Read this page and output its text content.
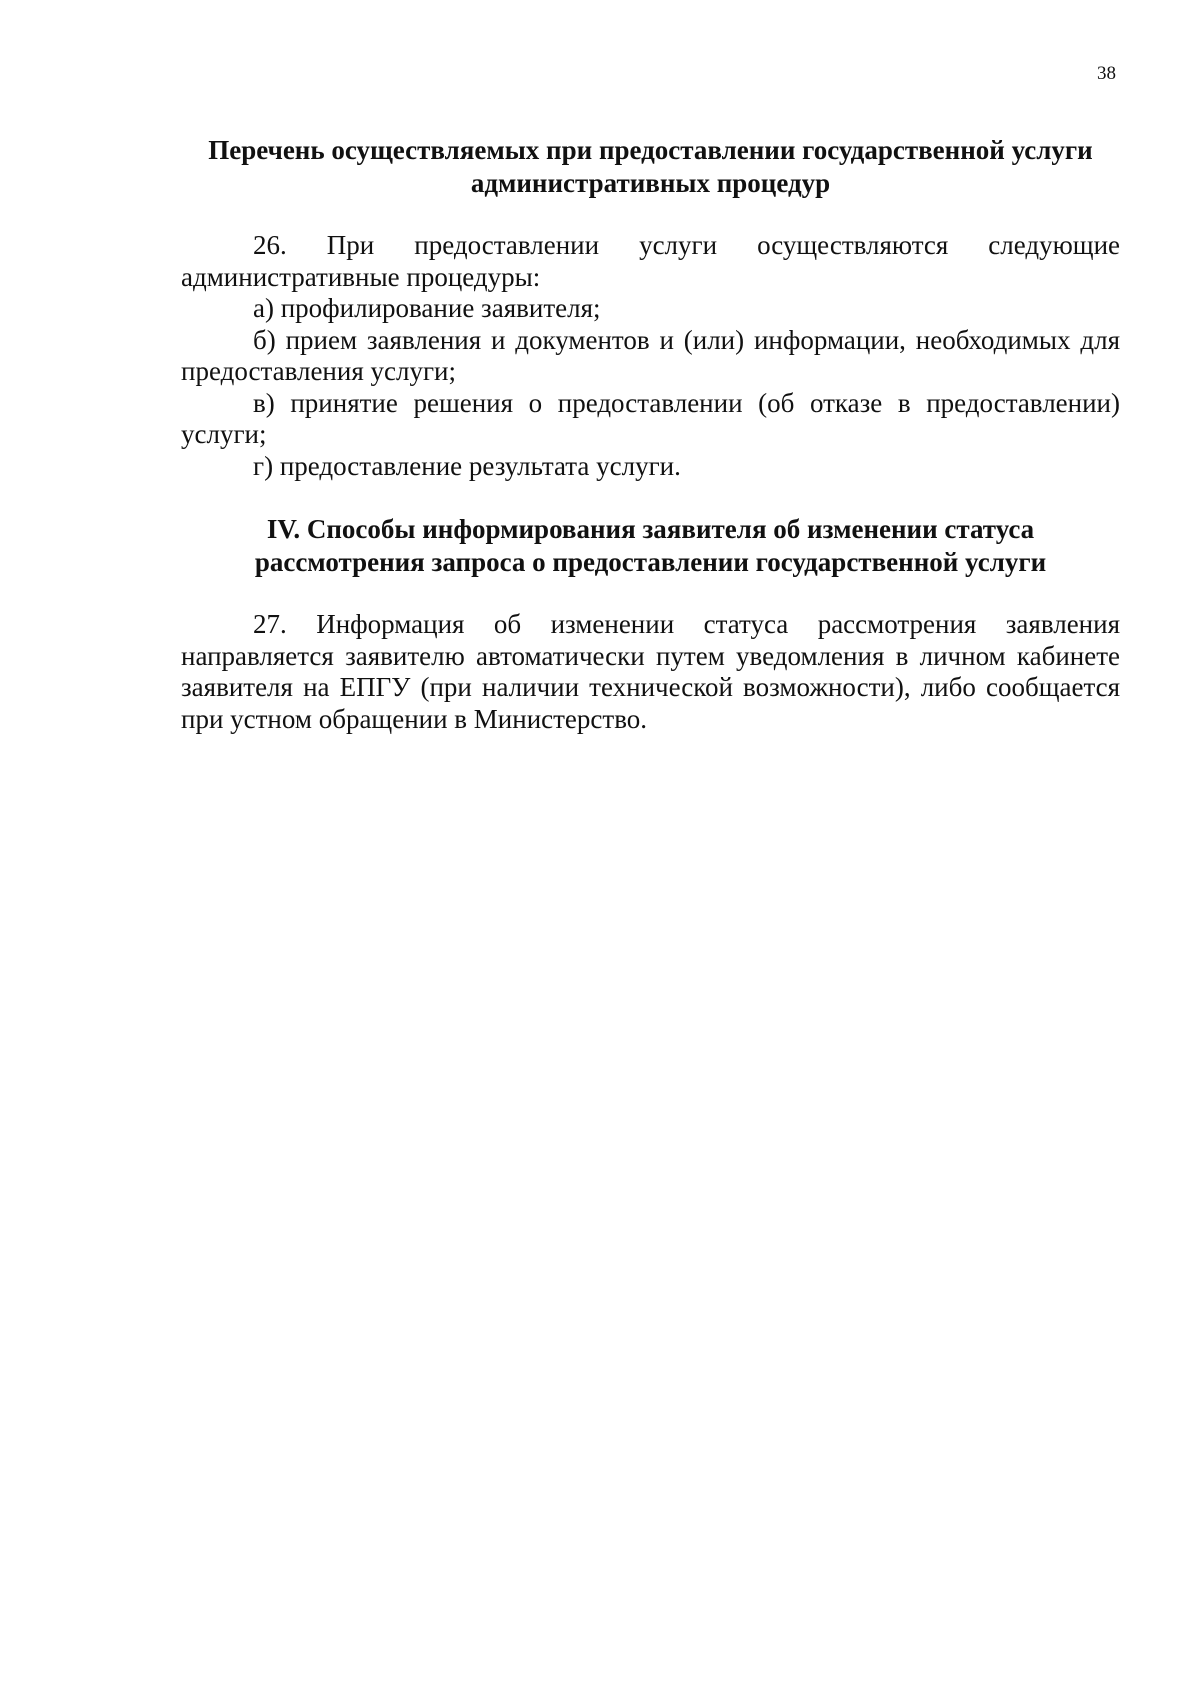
38
Перечень осуществляемых при предоставлении государственной услуги
административных процедур

26. При предоставлении услуги осуществляются следующие административные процедуры:

а) профилирование заявителя;

б) прием заявления и документов и (или) информации, необходимых для предоставления услуги;

в) принятие решения о предоставлении (об отказе в предоставлении) услуги;

г) предоставление результата услуги.

IV. Способы информирования заявителя об изменении статуса
рассмотрения запроса о предоставлении государственной услуги

27. Информация об изменении статуса рассмотрения заявления направляется заявителю автоматически путем уведомления в личном кабинете заявителя на ЕПГУ (при наличии технической возможности), либо сообщается при устном обращении в Министерство.
